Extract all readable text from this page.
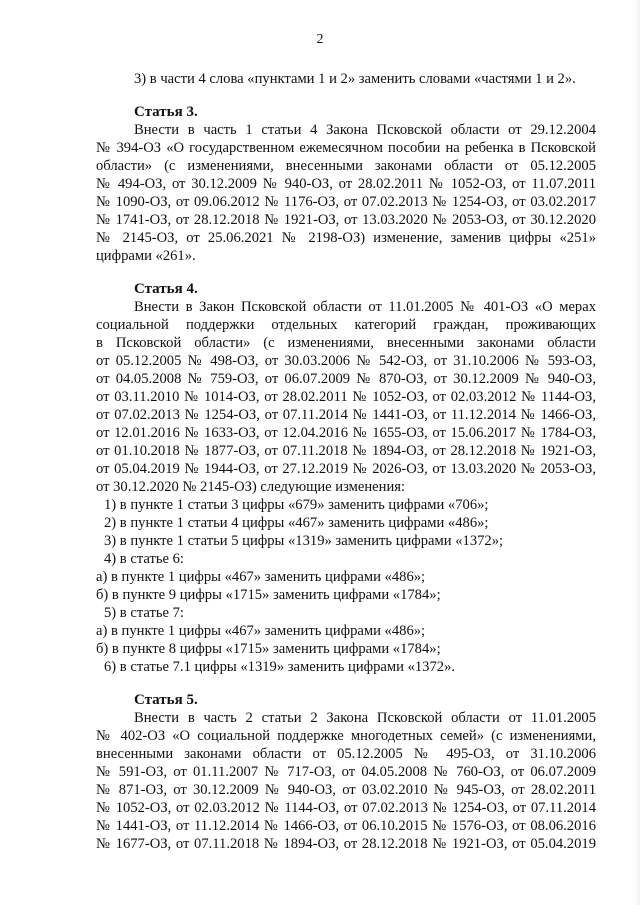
2
3) в части 4 слова «пунктами 1 и 2» заменить словами «частями 1 и 2».
Статья 3.
Внести в часть 1 статьи 4 Закона Псковской области от 29.12.2004
№ 394-ОЗ «О государственном ежемесячном пособии на ребенка в Псковской
области» (с изменениями, внесенными законами области от 05.12.2005
№ 494-ОЗ, от 30.12.2009 № 940-ОЗ, от 28.02.2011 № 1052-ОЗ, от 11.07.2011
№ 1090-ОЗ, от 09.06.2012 № 1176-ОЗ, от 07.02.2013 № 1254-ОЗ, от 03.02.2017
№ 1741-ОЗ, от 28.12.2018 № 1921-ОЗ, от 13.03.2020 № 2053-ОЗ, от 30.12.2020
№ 2145-ОЗ, от 25.06.2021 № 2198-ОЗ) изменение, заменив цифры «251»
цифрами «261».
Статья 4.
Внести в Закон Псковской области от 11.01.2005 № 401-ОЗ «О мерах
социальной поддержки отдельных категорий граждан, проживающих
в Псковской области» (с изменениями, внесенными законами области
от 05.12.2005 № 498-ОЗ, от 30.03.2006 № 542-ОЗ, от 31.10.2006 № 593-ОЗ,
от 04.05.2008 № 759-ОЗ, от 06.07.2009 № 870-ОЗ, от 30.12.2009 № 940-ОЗ,
от 03.11.2010 № 1014-ОЗ, от 28.02.2011 № 1052-ОЗ, от 02.03.2012 № 1144-ОЗ,
от 07.02.2013 № 1254-ОЗ, от 07.11.2014 № 1441-ОЗ, от 11.12.2014 № 1466-ОЗ,
от 12.01.2016 № 1633-ОЗ, от 12.04.2016 № 1655-ОЗ, от 15.06.2017 № 1784-ОЗ,
от 01.10.2018 № 1877-ОЗ, от 07.11.2018 № 1894-ОЗ, от 28.12.2018 № 1921-ОЗ,
от 05.04.2019 № 1944-ОЗ, от 27.12.2019 № 2026-ОЗ, от 13.03.2020 № 2053-ОЗ,
от 30.12.2020 № 2145-ОЗ) следующие изменения:
1) в пункте 1 статьи 3 цифры «679» заменить цифрами «706»;
2) в пункте 1 статьи 4 цифры «467» заменить цифрами «486»;
3) в пункте 1 статьи 5 цифры «1319» заменить цифрами «1372»;
4) в статье 6:
а) в пункте 1 цифры «467» заменить цифрами «486»;
б) в пункте 9 цифры «1715» заменить цифрами «1784»;
5) в статье 7:
а) в пункте 1 цифры «467» заменить цифрами «486»;
б) в пункте 8 цифры «1715» заменить цифрами «1784»;
6) в статье 7.1 цифры «1319» заменить цифрами «1372».
Статья 5.
Внести в часть 2 статьи 2 Закона Псковской области от 11.01.2005
№ 402-ОЗ «О социальной поддержке многодетных семей» (с изменениями,
внесенными законами области от 05.12.2005 № 495-ОЗ, от 31.10.2006
№ 591-ОЗ, от 01.11.2007 № 717-ОЗ, от 04.05.2008 № 760-ОЗ, от 06.07.2009
№ 871-ОЗ, от 30.12.2009 № 940-ОЗ, от 03.02.2010 № 945-ОЗ, от 28.02.2011
№ 1052-ОЗ, от 02.03.2012 № 1144-ОЗ, от 07.02.2013 № 1254-ОЗ, от 07.11.2014
№ 1441-ОЗ, от 11.12.2014 № 1466-ОЗ, от 06.10.2015 № 1576-ОЗ, от 08.06.2016
№ 1677-ОЗ, от 07.11.2018 № 1894-ОЗ, от 28.12.2018 № 1921-ОЗ, от 05.04.2019
